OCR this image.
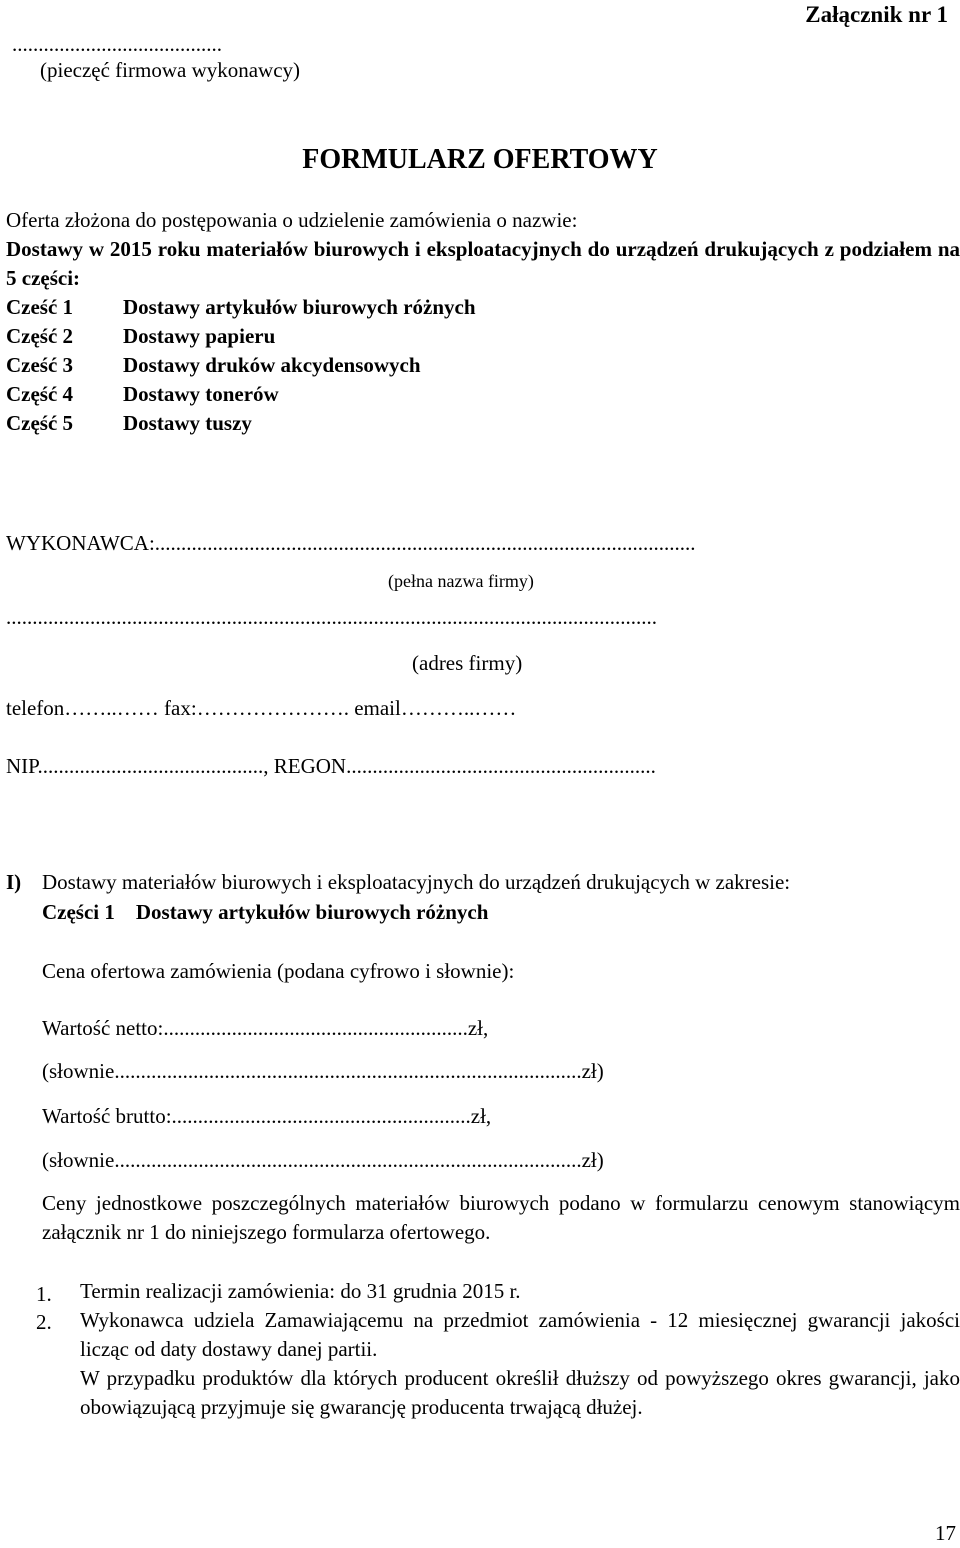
........................................
(pieczęć firmowa wykonawcy)
Załącznik nr 1
FORMULARZ OFERTOWY
Oferta złożona do postępowania o udzielenie zamówienia o nazwie:
Dostawy w 2015 roku materiałów biurowych i eksploatacyjnych do urządzeń drukujących z podziałem na 5 części:
Cześć 1	Dostawy artykułów biurowych różnych
Część 2	Dostawy papieru
Cześć 3	Dostawy druków akcydensowych
Część 4	Dostawy tonerów
Część 5	Dostawy tuszy
WYKONAWCA:.......................................................................................................
(pełna nazwa firmy)
............................................................................................................................
(adres firmy)
telefon……..…… fax:…………………. email………..……
NIP..........................................., REGON...........................................................
I) Dostawy materiałów biurowych i eksploatacyjnych do urządzeń drukujących w zakresie:
Części 1 Dostawy artykułów biurowych różnych
Cena ofertowa zamówienia (podana cyfrowo i słownie):
Wartość netto:..........................................................zł,
(słownie.........................................................................................zł)
Wartość brutto:.........................................................zł,
(słownie.........................................................................................zł)
Ceny jednostkowe poszczególnych materiałów biurowych podano w formularzu cenowym stanowiącym załącznik nr 1 do niniejszego formularza ofertowego.
1. Termin realizacji zamówienia: do 31 grudnia 2015 r.
2. Wykonawca udziela Zamawiającemu na przedmiot zamówienia - 12 miesięcznej gwarancji jakości licząc od daty dostawy danej partii.
W przypadku produktów dla których producent określił dłuższy od powyższego okres gwarancji, jako obowiązującą przyjmuje się gwarancję producenta trwającą dłużej.
17
